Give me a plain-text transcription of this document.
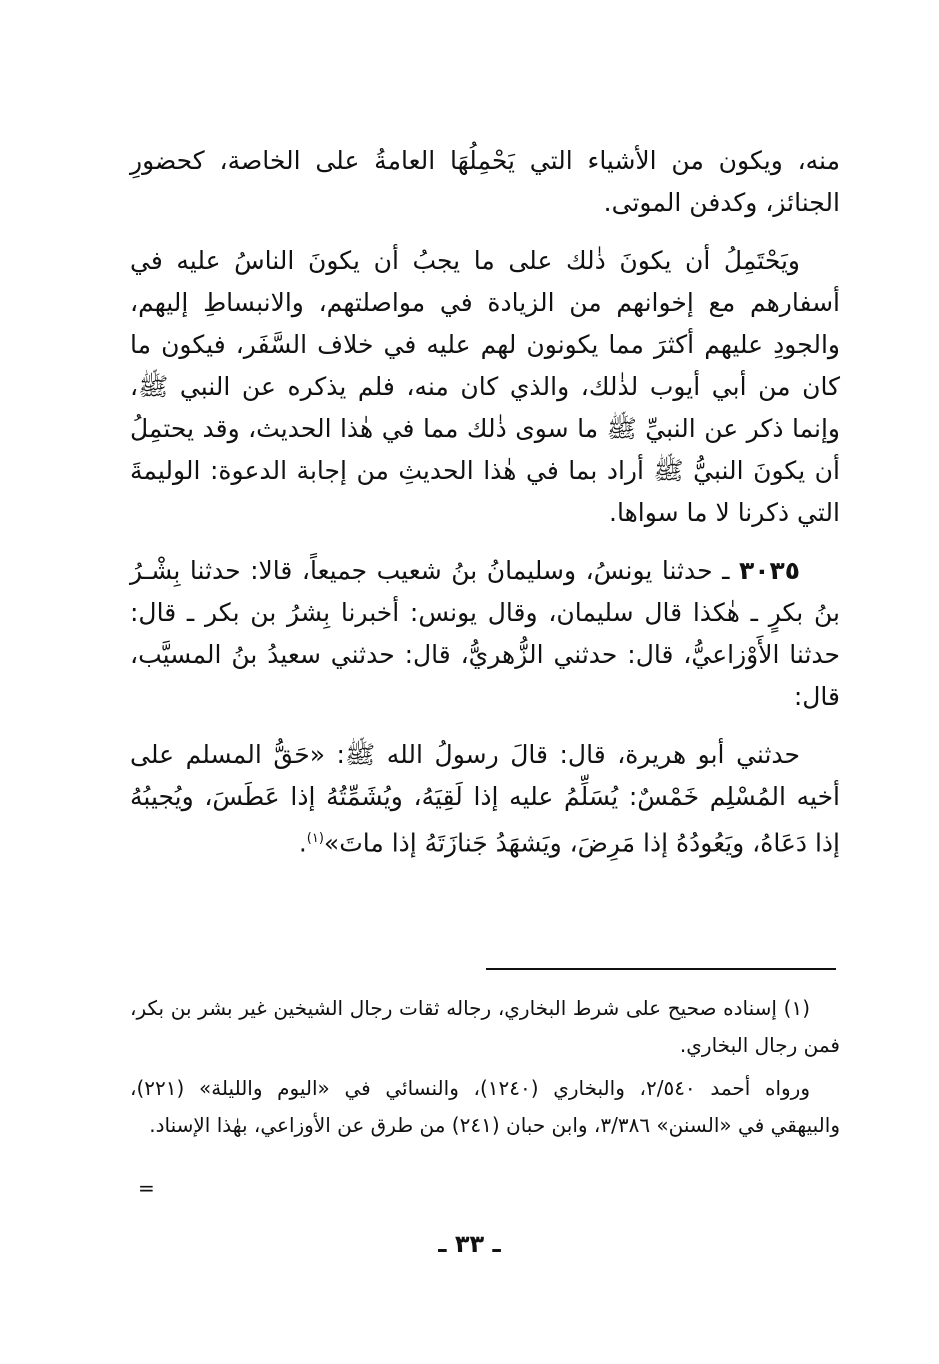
منه، ويكون من الأشياء التي يَحْمِلُهَا العامةُ على الخاصة، كحضورِ الجنائز، وكدفن الموتى.

ويَحْتَمِلُ أن يكونَ ذٰلك على ما يجبُ أن يكونَ الناسُ عليه في أسفارهم مع إخوانهم من الزيادة في مواصلتهم، والانبساطِ إليهم، والجودِ عليهم أكثرَ مما يكونون لهم عليه في خلاف السَّفَر، فيكون ما كان من أبي أيوب لذٰلك، والذي كان منه، فلم يذكره عن النبي ﷺ، وإنما ذكر عن النبيِّ ﷺ ما سوى ذٰلك مما في هٰذا الحديث، وقد يحتمِلُ أن يكونَ النبيُّ ﷺ أراد بما في هٰذا الحديثِ من إجابة الدعوة: الوليمةَ التي ذكرنا لا ما سواها.

٣٠٣٥ ـ حدثنا يونسُ، وسليمانُ بنُ شعيب جميعاً، قالا: حدثنا بِشْـرُ بنُ بكرٍ ـ هٰكذا قال سليمان، وقال يونس: أخبرنا بِشرُ بن بكر ـ قال: حدثنا الأَوْزاعيُّ، قال: حدثني الزُّهريُّ، قال: حدثني سعيدُ بنُ المسيَّب، قال:

حدثني أبو هريرة، قال: قالَ رسولُ الله ﷺ: «حَقُّ المسلم على أخيه المُسْلِم خَمْسٌ: يُسَلِّمُ عليه إذا لَقِيَهُ، ويُشَمِّتُهُ إذا عَطَسَ، ويُجيبُهُ إذا دَعَاهُ، ويَعُودُهُ إذا مَرِضَ، ويَشهَدُ جَنازَتَهُ إذا ماتَ»$^{(١)}$.

(١) إسناده صحيح على شرط البخاري، رجاله ثقات رجال الشيخين غير بشر بن بكر، فمن رجال البخاري.

ورواه أحمد ٢/٥٤٠، والبخاري (١٢٤٠)، والنسائي في «اليوم والليلة» (٢٢١)، والبيهقي في «السنن» ٣/٣٨٦، وابن حبان (٢٤١) من طرق عن الأوزاعي، بهٰذا الإسناد.

=
ـ ٣٣ ـ
